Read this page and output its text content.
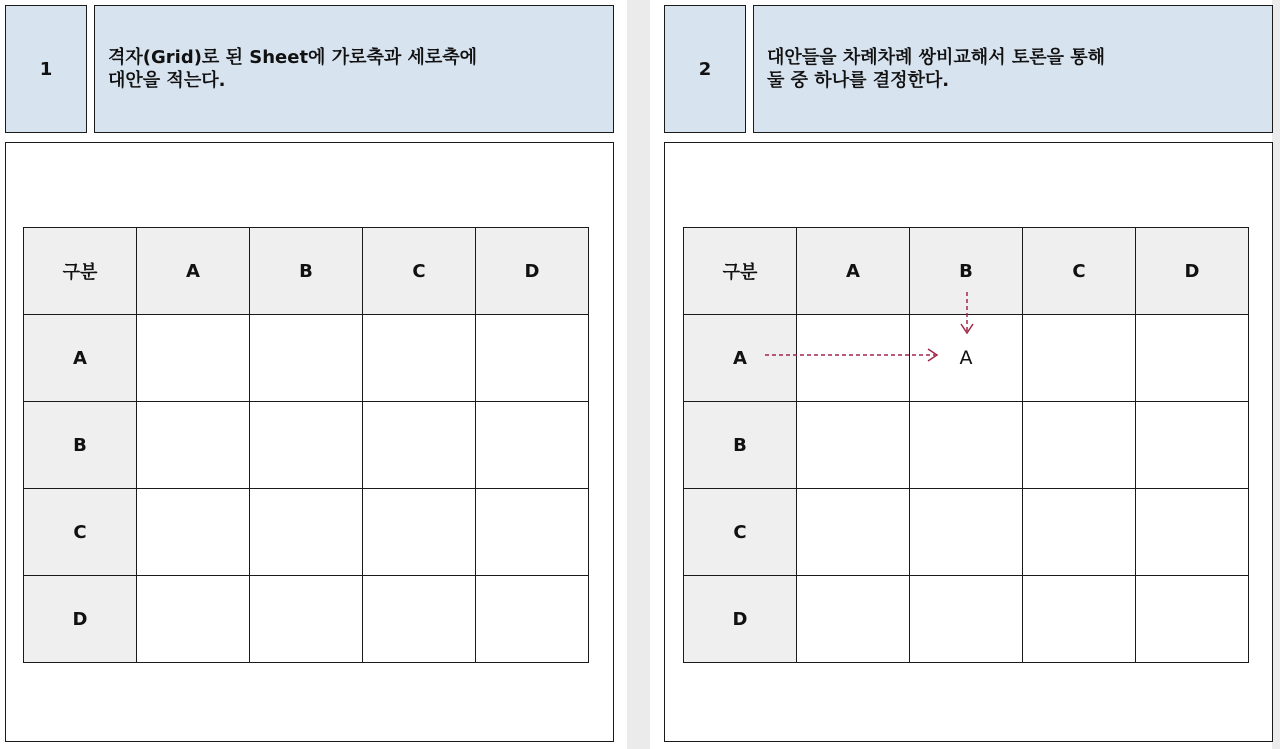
1
격자(Grid)로 된 Sheet에 가로축과 세로축에
대안을 적는다.
구분	A	B	C	D
A				
B				
C				
D				
2
대안들을 차례차례 쌍비교해서 토론을 통해
둘 중 하나를 결정한다.
구분	A	B	C	D
A		A		
B				
C				
D				
